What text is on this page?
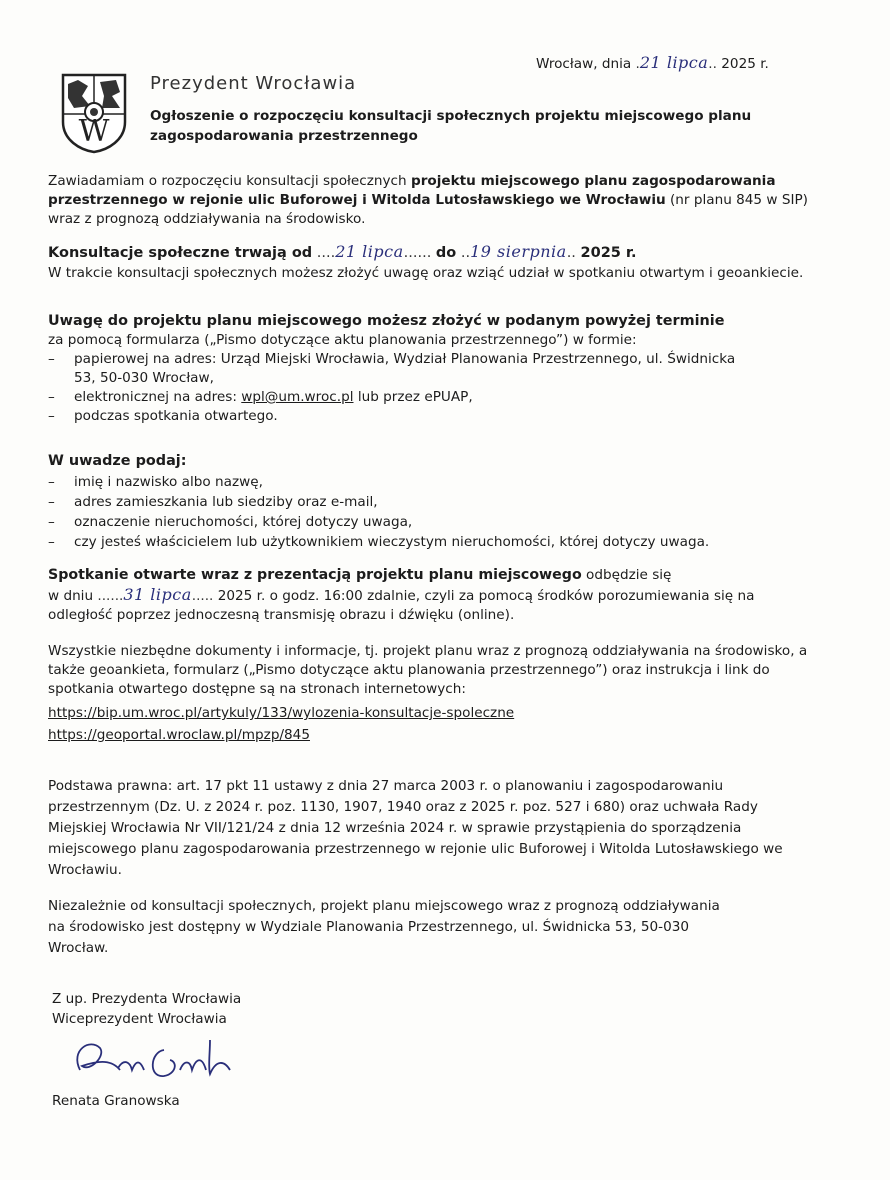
Wrocław, dnia .21 lipca.. 2025 r.
W
Prezydent Wrocławia
Ogłoszenie o rozpoczęciu konsultacji społecznych projektu miejscowego planu zagospodarowania przestrzennego
Zawiadamiam o rozpoczęciu konsultacji społecznych projektu miejscowego planu zagospodarowania przestrzennego w rejonie ulic Buforowej i Witolda Lutosławskiego we Wrocławiu (nr planu 845 w SIP) wraz z prognozą oddziaływania na środowisko.
Konsultacje społeczne trwają od ....21 lipca...... do ..19 sierpnia.. 2025 r.
W trakcie konsultacji społecznych możesz złożyć uwagę oraz wziąć udział w spotkaniu otwartym i geoankiecie.
Uwagę do projektu planu miejscowego możesz złożyć w podanym powyżej terminie
za pomocą formularza („Pismo dotyczące aktu planowania przestrzennego”) w formie:
– papierowej na adres: Urząd Miejski Wrocławia, Wydział Planowania Przestrzennego, ul. Świdnicka 53, 50-030 Wrocław,
– elektronicznej na adres: wpl@um.wroc.pl lub przez ePUAP,
– podczas spotkania otwartego.
W uwadze podaj:
– imię i nazwisko albo nazwę,
– adres zamieszkania lub siedziby oraz e-mail,
– oznaczenie nieruchomości, której dotyczy uwaga,
– czy jesteś właścicielem lub użytkownikiem wieczystym nieruchomości, której dotyczy uwaga.
Spotkanie otwarte wraz z prezentacją projektu planu miejscowego odbędzie się
w dniu ......31 lipca..... 2025 r. o godz. 16:00 zdalnie, czyli za pomocą środków porozumiewania się na odległość poprzez jednoczesną transmisję obrazu i dźwięku (online).
Wszystkie niezbędne dokumenty i informacje, tj. projekt planu wraz z prognozą oddziaływania na środowisko, a także geoankieta, formularz („Pismo dotyczące aktu planowania przestrzennego”) oraz instrukcja i link do spotkania otwartego dostępne są na stronach internetowych:
https://bip.um.wroc.pl/artykuly/133/wylozenia-konsultacje-spoleczne
https://geoportal.wroclaw.pl/mpzp/845
Podstawa prawna: art. 17 pkt 11 ustawy z dnia 27 marca 2003 r. o planowaniu i zagospodarowaniu przestrzennym (Dz. U. z 2024 r. poz. 1130, 1907, 1940 oraz z 2025 r. poz. 527 i 680) oraz uchwała Rady Miejskiej Wrocławia Nr VII/121/24 z dnia 12 września 2024 r. w sprawie przystąpienia do sporządzenia miejscowego planu zagospodarowania przestrzennego w rejonie ulic Buforowej i Witolda Lutosławskiego we Wrocławiu.
Niezależnie od konsultacji społecznych, projekt planu miejscowego wraz z prognozą oddziaływania na środowisko jest dostępny w Wydziale Planowania Przestrzennego, ul. Świdnicka 53, 50-030 Wrocław.
Z up. Prezydenta Wrocławia
Wiceprezydent Wrocławia
Renata Granowska
